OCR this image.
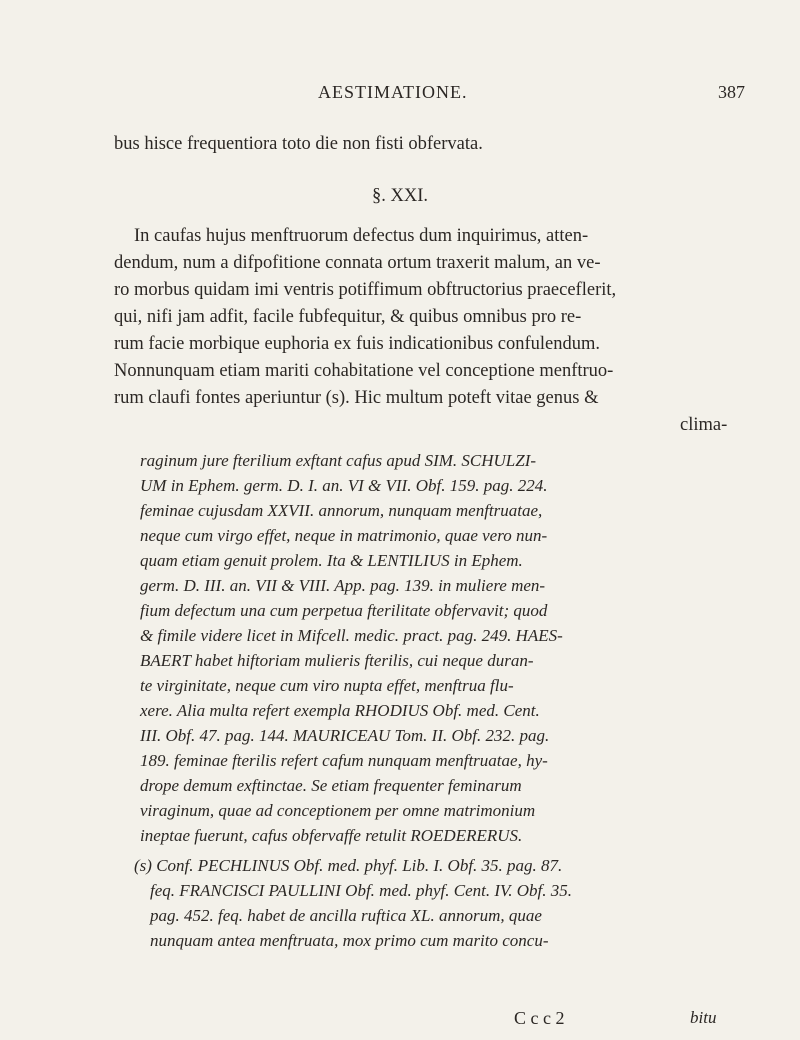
AESTIMATIONE.	387
bus hisce frequentiora toto die non fisti obfervata.
§. XXI.
In caufas hujus menftruorum defectus dum inquirimus, atten-
dendum, num a difpofitione connata ortum traxerit malum, an ve-
ro morbus quidam imi ventris potiffimum obftructorius praeceflerit,
qui, nifi jam adfit, facile fubfequitur, & quibus omnibus pro re-
rum facie morbique euphoria ex fuis indicationibus confulendum.
Nonnunquam etiam mariti cohabitatione vel conceptione menftruo-
rum claufi fontes aperiuntur (s). Hic multum poteft vitae genus &
clima-
raginum jure fterilium exftant cafus apud SIM. SCHULZI-
UM in Ephem. germ. D. I. an. VI & VII. Obf. 159. pag. 224.
feminae cujusdam XXVII. annorum, nunquam menftruatae,
neque cum virgo effet, neque in matrimonio, quae vero nun-
quam etiam genuit prolem. Ita & LENTILIUS in Ephem.
germ. D. III. an. VII & VIII. App. pag. 139. in muliere men-
fium defectum una cum perpetua fterilitate obfervavit; quod
& fimile videre licet in Mifcell. medic. pract. pag. 249. HAES-
BAERT habet hiftoriam mulieris fterilis, cui neque duran-
te virginitate, neque cum viro nupta effet, menftrua flu-
xere. Alia multa refert exempla RHODIUS Obf. med. Cent.
III. Obf. 47. pag. 144. MAURICEAU Tom. II. Obf. 232. pag.
189. feminae fterilis refert cafum nunquam menftruatae, hy-
drope demum exftinctae. Se etiam frequenter feminarum
viraginum, quae ad conceptionem per omne matrimonium
ineptae fuerunt, cafus obfervaffe retulit ROEDERERUS.
(s) Conf. PECHLINUS Obf. med. phyf. Lib. I. Obf. 35. pag. 87.
feq. FRANCISCI PAULLINI Obf. med. phyf. Cent. IV. Obf. 35.
pag. 452. feq. habet de ancilla ruftica XL. annorum, quae
nunquam antea menftruata, mox primo cum marito concu-
C c c 2	bitu
